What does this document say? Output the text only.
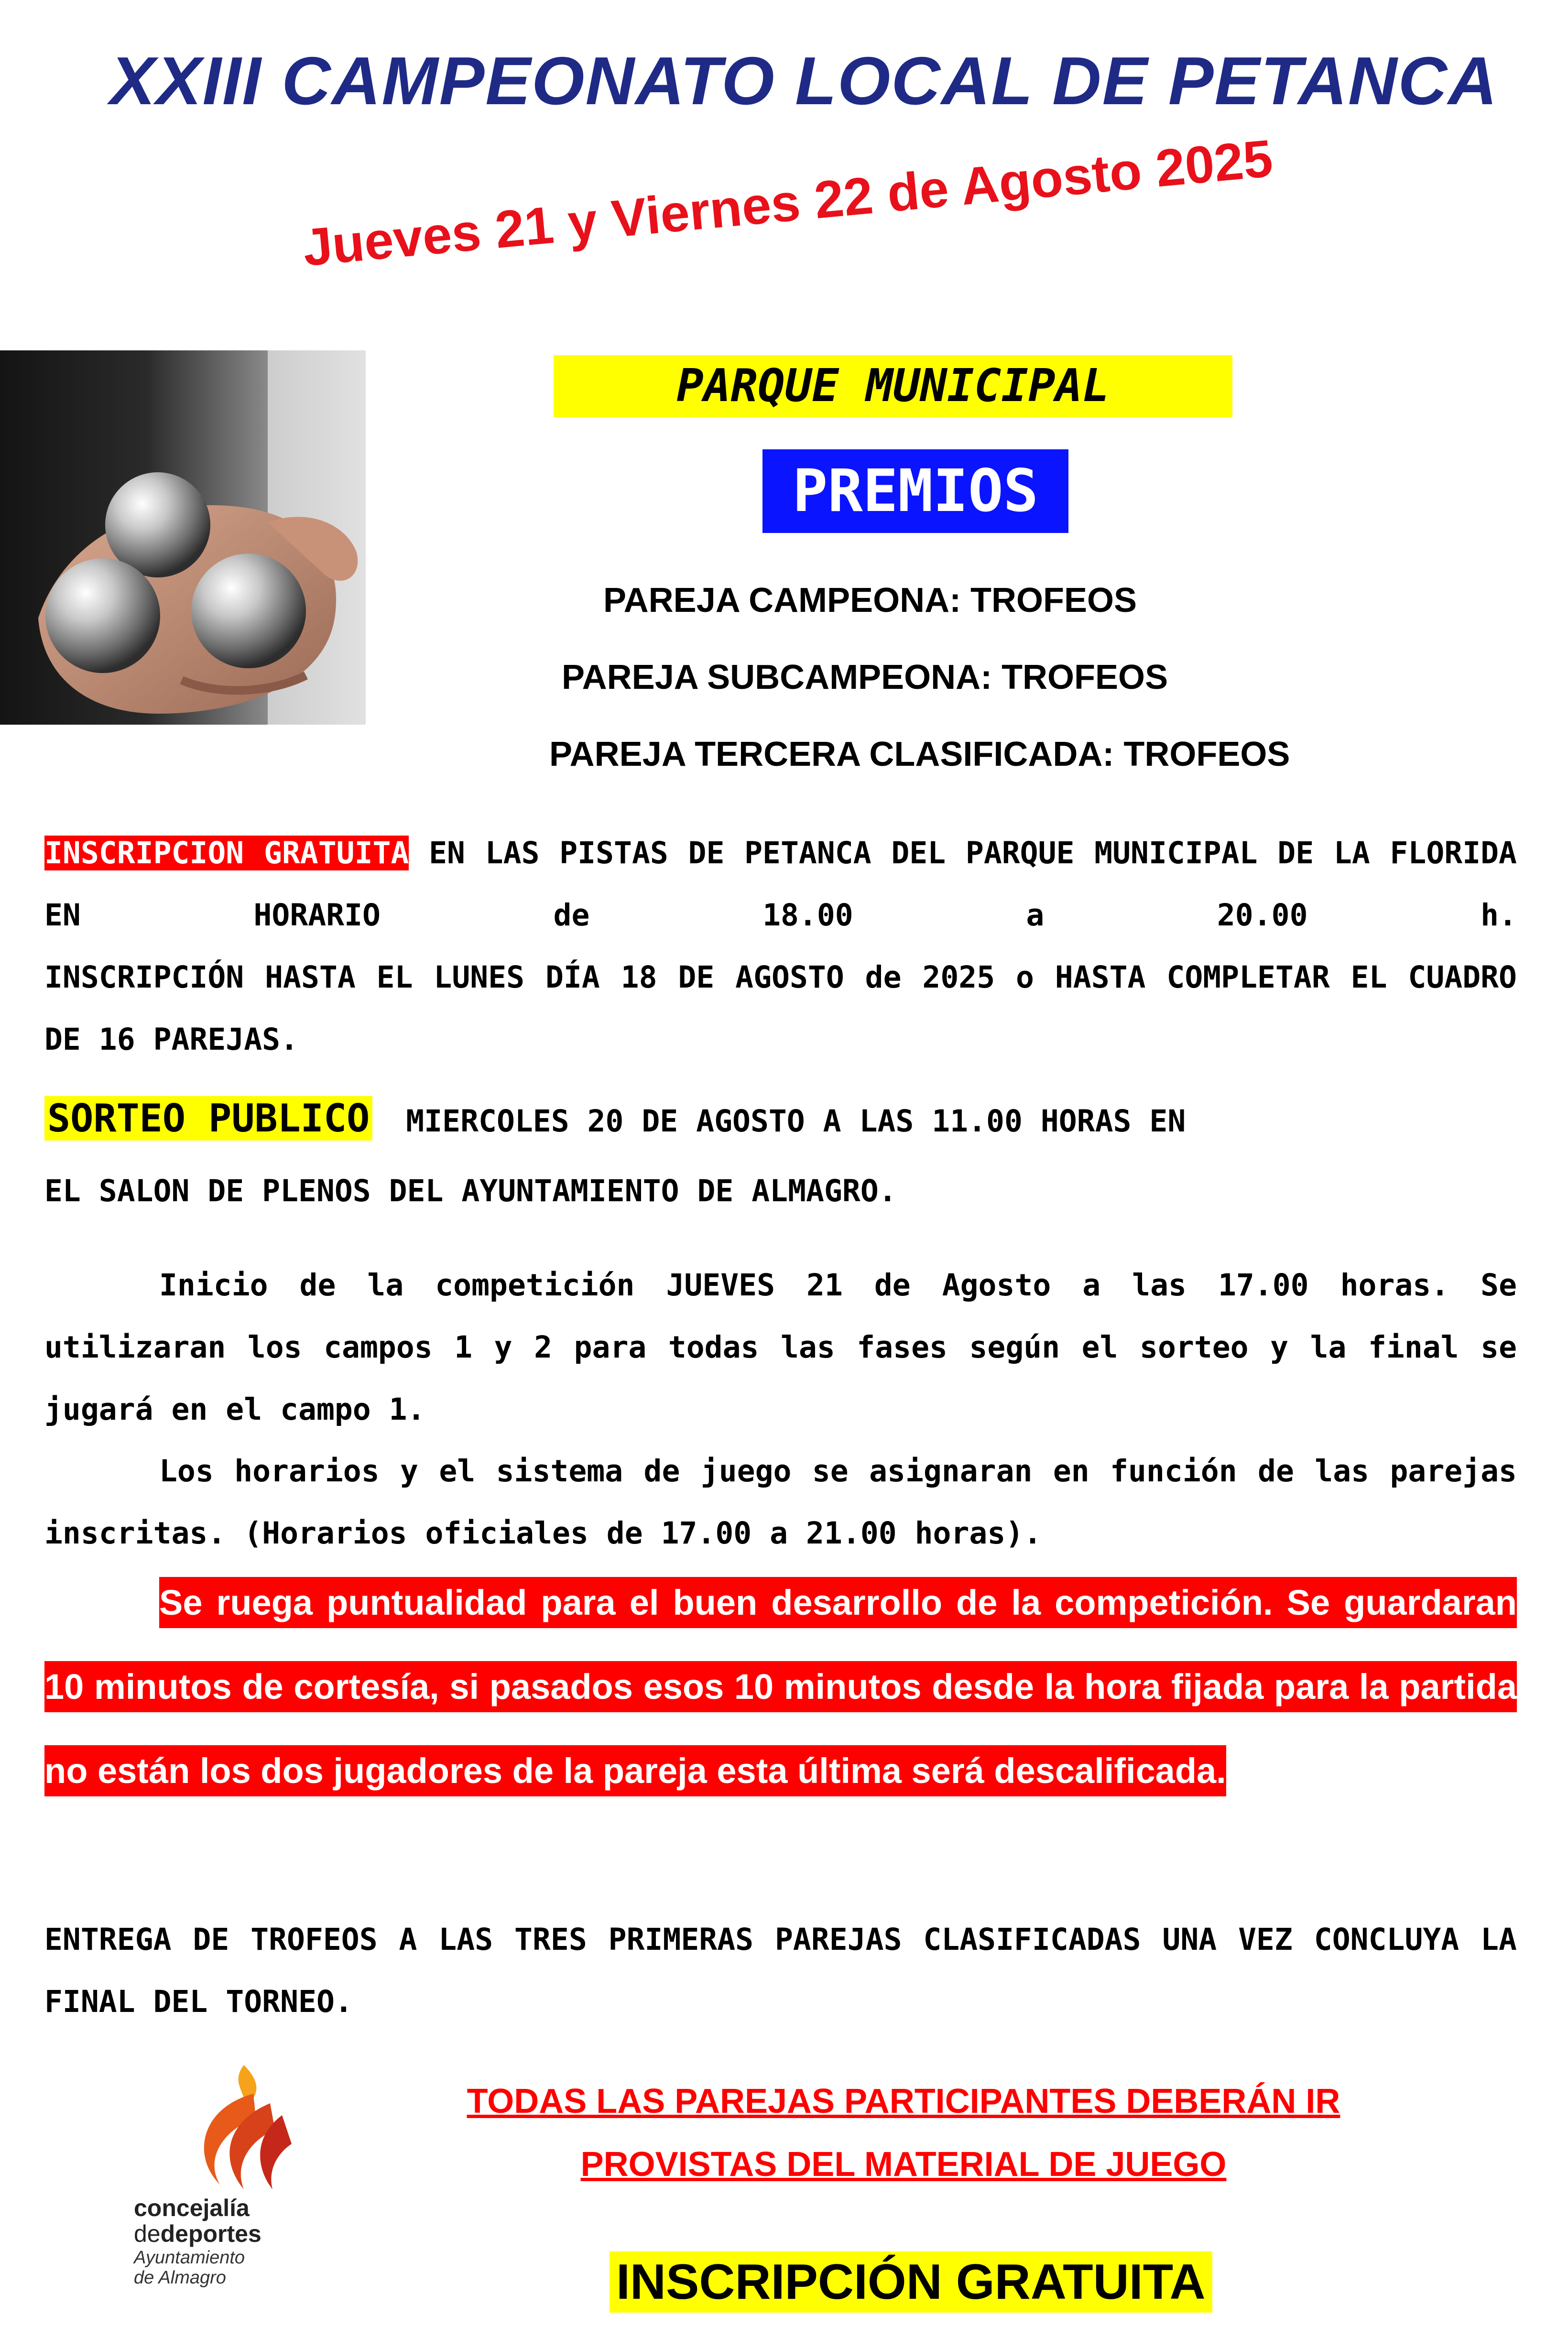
XXIII CAMPEONATO LOCAL DE PETANCA
Jueves 21 y Viernes 22 de Agosto 2025
PARQUE MUNICIPAL
PREMIOS

PAREJA CAMPEONA: TROFEOS

PAREJA SUBCAMPEONA: TROFEOS

PAREJA TERCERA CLASIFICADA: TROFEOS

INSCRIPCION GRATUITA EN LAS PISTAS DE PETANCA DEL PARQUE MUNICIPAL DE LA FLORIDA EN HORARIO de 18.00 a 20.00 h.

INSCRIPCIÓN HASTA EL LUNES DÍA 18 DE AGOSTO de 2025 o HASTA COMPLETAR EL CUADRO DE 16 PAREJAS.

SORTEO PUBLICO MIERCOLES 20 DE AGOSTO A LAS 11.00 HORAS EN

EL SALON DE PLENOS DEL AYUNTAMIENTO DE ALMAGRO.

Inicio de la competición JUEVES 21 de Agosto a las 17.00 horas. Se utilizaran los campos 1 y 2 para todas las fases según el sorteo y la final se jugará en el campo 1.

Los horarios y el sistema de juego se asignaran en función de las parejas inscritas. (Horarios oficiales de 17.00 a 21.00 horas).

Se ruega puntualidad para el buen desarrollo de la competición. Se guardaran 10 minutos de cortesía, si pasados esos 10 minutos desde la hora fijada para la partida no están los dos jugadores de la pareja esta última será descalificada.

ENTREGA DE TROFEOS A LAS TRES PRIMERAS PAREJAS CLASIFICADAS UNA VEZ CONCLUYA LA FINAL DEL TORNEO.

TODAS LAS PAREJAS PARTICIPANTES DEBERÁN IR

PROVISTAS DEL MATERIAL DE JUEGO

INSCRIPCIÓN GRATUITA
concejalía
dedeportes
Ayuntamiento
de Almagro
